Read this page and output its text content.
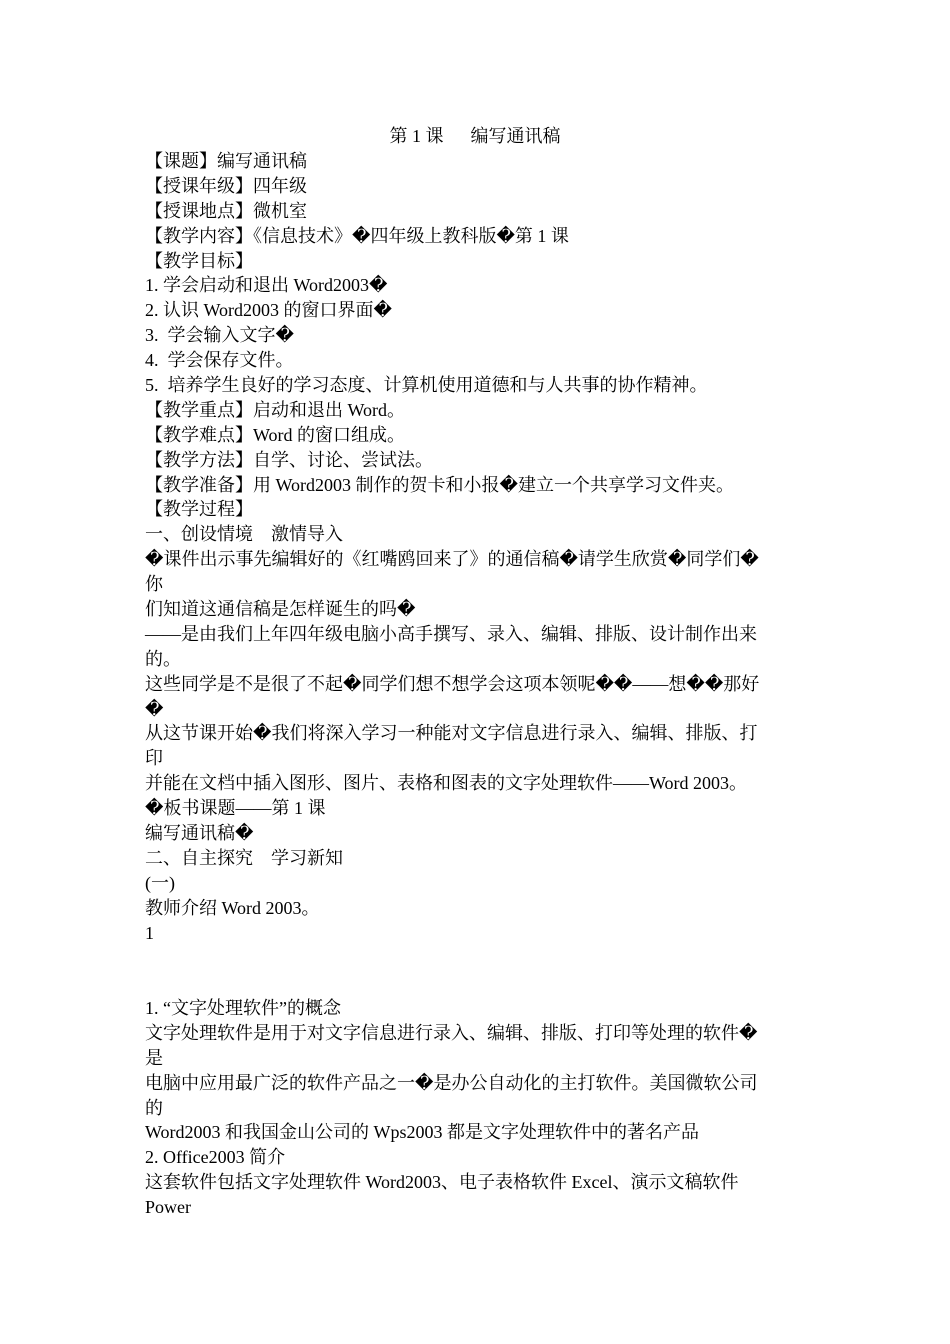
第 1 课      编写通讯稿
【课题】编写通讯稿
【授课年级】四年级
【授课地点】微机室
【教学内容】《信息技术》�四年级上教科版�第 1 课
【教学目标】
1. 学会启动和退出 Word2003�
2. 认识 Word2003 的窗口界面�
3.  学会输入文字�
4.  学会保存文件。
5.  培养学生良好的学习态度、计算机使用道德和与人共事的协作精神。
【教学重点】启动和退出 Word。
【教学难点】Word 的窗口组成。
【教学方法】自学、讨论、尝试法。
【教学准备】用 Word2003 制作的贺卡和小报�建立一个共享学习文件夹。
【教学过程】
一、创设情境    激情导入
�课件出示事先编辑好的《红嘴鸥回来了》的通信稿�请学生欣赏�同学们�
你
们知道这通信稿是怎样诞生的吗�
——是由我们上年四年级电脑小高手撰写、录入、编辑、排版、设计制作出来
的。
这些同学是不是很了不起�同学们想不想学会这项本领呢��——想��那好
�
从这节课开始�我们将深入学习一种能对文字信息进行录入、编辑、排版、打
印
并能在文档中插入图形、图片、表格和图表的文字处理软件——Word 2003。
�板书课题——第 1 课
编写通讯稿�
二、自主探究    学习新知
(一)
教师介绍 Word 2003。
1
1. “文字处理软件”的概念
文字处理软件是用于对文字信息进行录入、编辑、排版、打印等处理的软件�
是
电脑中应用最广泛的软件产品之一�是办公自动化的主打软件。美国微软公司
的
Word2003 和我国金山公司的 Wps2003 都是文字处理软件中的著名产品
2. Office2003 简介
这套软件包括文字处理软件 Word2003、电子表格软件 Excel、演示文稿软件
Power
